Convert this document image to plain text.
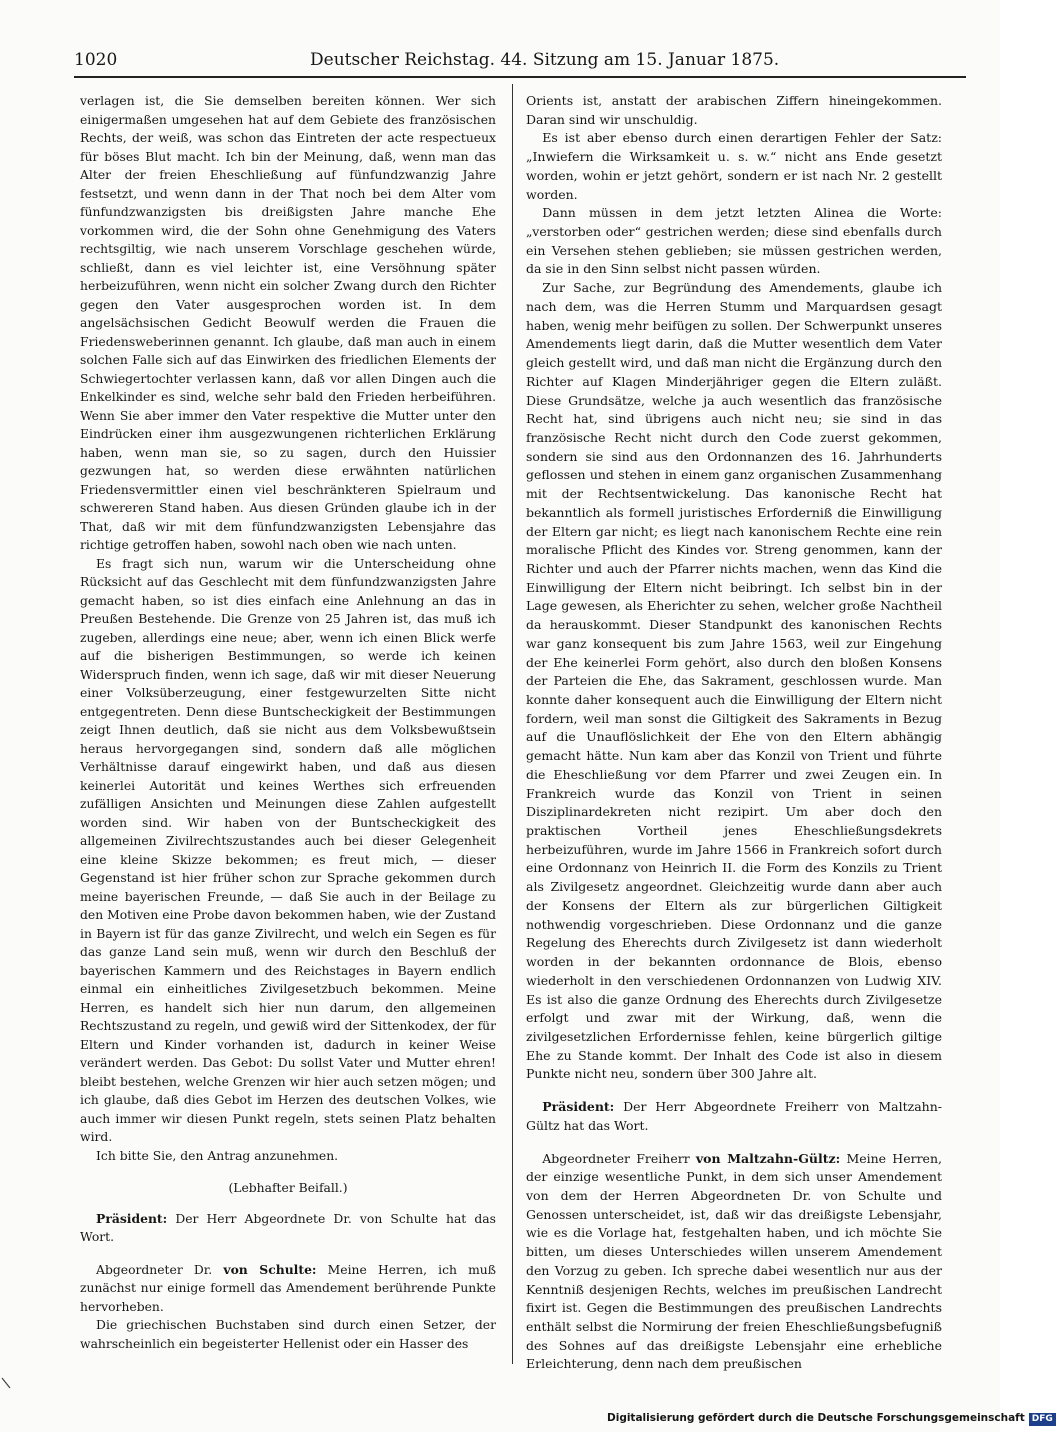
1020	Deutscher Reichstag. 44. Sitzung am 15. Januar 1875.

verlagen ist, die Sie demselben bereiten können. Wer sich einigermaßen umgesehen hat auf dem Gebiete des französischen Rechts, der weiß, was schon das Eintreten der acte respectueux für böses Blut macht. Ich bin der Meinung, daß, wenn man das Alter der freien Eheschließung auf fünfundzwanzig Jahre festsetzt, und wenn dann in der That noch bei dem Alter vom fünfundzwanzigsten bis dreißigsten Jahre manche Ehe vorkommen wird, die der Sohn ohne Genehmigung des Vaters rechtsgiltig, wie nach unserem Vorschlage geschehen würde, schließt, dann es viel leichter ist, eine Versöhnung später herbeizuführen, wenn nicht ein solcher Zwang durch den Richter gegen den Vater ausgesprochen worden ist. In dem angelsächsischen Gedicht Beowulf werden die Frauen die Friedensweberinnen genannt. Ich glaube, daß man auch in einem solchen Falle sich auf das Einwirken des friedlichen Elements der Schwiegertochter verlassen kann, daß vor allen Dingen auch die Enkelkinder es sind, welche sehr bald den Frieden herbeiführen. Wenn Sie aber immer den Vater respektive die Mutter unter den Eindrücken einer ihm ausgezwungenen richterlichen Erklärung haben, wenn man sie, so zu sagen, durch den Huissier gezwungen hat, so werden diese erwähnten natürlichen Friedensvermittler einen viel beschränkteren Spielraum und schwereren Stand haben. Aus diesen Gründen glaube ich in der That, daß wir mit dem fünfundzwanzigsten Lebensjahre das richtige getroffen haben, sowohl nach oben wie nach unten.

Es fragt sich nun, warum wir die Unterscheidung ohne Rücksicht auf das Geschlecht mit dem fünfundzwanzigsten Jahre gemacht haben, so ist dies einfach eine Anlehnung an das in Preußen Bestehende. Die Grenze von 25 Jahren ist, das muß ich zugeben, allerdings eine neue; aber, wenn ich einen Blick werfe auf die bisherigen Bestimmungen, so werde ich keinen Widerspruch finden, wenn ich sage, daß wir mit dieser Neuerung einer Volksüberzeugung, einer festgewurzelten Sitte nicht entgegentreten. Denn diese Buntscheckigkeit der Bestimmungen zeigt Ihnen deutlich, daß sie nicht aus dem Volksbewußtsein heraus hervorgegangen sind, sondern daß alle möglichen Verhältnisse darauf eingewirkt haben, und daß aus diesen keinerlei Autorität und keines Werthes sich erfreuenden zufälligen Ansichten und Meinungen diese Zahlen aufgestellt worden sind. Wir haben von der Buntscheckigkeit des allgemeinen Zivilrechtszustandes auch bei dieser Gelegenheit eine kleine Skizze bekommen; es freut mich, — dieser Gegenstand ist hier früher schon zur Sprache gekommen durch meine bayerischen Freunde, — daß Sie auch in der Beilage zu den Motiven eine Probe davon bekommen haben, wie der Zustand in Bayern ist für das ganze Zivilrecht, und welch ein Segen es für das ganze Land sein muß, wenn wir durch den Beschluß der bayerischen Kammern und des Reichstages in Bayern endlich einmal ein einheitliches Zivilgesetzbuch bekommen. Meine Herren, es handelt sich hier nun darum, den allgemeinen Rechtszustand zu regeln, und gewiß wird der Sittenkodex, der für Eltern und Kinder vorhanden ist, dadurch in keiner Weise verändert werden. Das Gebot: Du sollst Vater und Mutter ehren! bleibt bestehen, welche Grenzen wir hier auch setzen mögen; und ich glaube, daß dies Gebot im Herzen des deutschen Volkes, wie auch immer wir diesen Punkt regeln, stets seinen Platz behalten wird.

Ich bitte Sie, den Antrag anzunehmen.

(Lebhafter Beifall.)

Präsident: Der Herr Abgeordnete Dr. von Schulte hat das Wort.

Abgeordneter Dr. von Schulte: Meine Herren, ich muß zunächst nur einige formell das Amendement berührende Punkte hervorheben.

Die griechischen Buchstaben sind durch einen Setzer, der wahrscheinlich ein begeisterter Hellenist oder ein Hasser des

Orients ist, anstatt der arabischen Ziffern hineingekommen. Daran sind wir unschuldig.

Es ist aber ebenso durch einen derartigen Fehler der Satz: „Inwiefern die Wirksamkeit u. s. w.“ nicht ans Ende gesetzt worden, wohin er jetzt gehört, sondern er ist nach Nr. 2 gestellt worden.

Dann müssen in dem jetzt letzten Alinea die Worte: „verstorben oder“ gestrichen werden; diese sind ebenfalls durch ein Versehen stehen geblieben; sie müssen gestrichen werden, da sie in den Sinn selbst nicht passen würden.

Zur Sache, zur Begründung des Amendements, glaube ich nach dem, was die Herren Stumm und Marquardsen gesagt haben, wenig mehr beifügen zu sollen. Der Schwerpunkt unseres Amendements liegt darin, daß die Mutter wesentlich dem Vater gleich gestellt wird, und daß man nicht die Ergänzung durch den Richter auf Klagen Minderjähriger gegen die Eltern zuläßt. Diese Grundsätze, welche ja auch wesentlich das französische Recht hat, sind übrigens auch nicht neu; sie sind in das französische Recht nicht durch den Code zuerst gekommen, sondern sie sind aus den Ordonnanzen des 16. Jahrhunderts geflossen und stehen in einem ganz organischen Zusammenhang mit der Rechtsentwickelung. Das kanonische Recht hat bekanntlich als formell juristisches Erforderniß die Einwilligung der Eltern gar nicht; es liegt nach kanonischem Rechte eine rein moralische Pflicht des Kindes vor. Streng genommen, kann der Richter und auch der Pfarrer nichts machen, wenn das Kind die Einwilligung der Eltern nicht beibringt. Ich selbst bin in der Lage gewesen, als Eherichter zu sehen, welcher große Nachtheil da herauskommt. Dieser Standpunkt des kanonischen Rechts war ganz konsequent bis zum Jahre 1563, weil zur Eingehung der Ehe keinerlei Form gehört, also durch den bloßen Konsens der Parteien die Ehe, das Sakrament, geschlossen wurde. Man konnte daher konsequent auch die Einwilligung der Eltern nicht fordern, weil man sonst die Giltigkeit des Sakraments in Bezug auf die Unauflöslichkeit der Ehe von den Eltern abhängig gemacht hätte. Nun kam aber das Konzil von Trient und führte die Eheschließung vor dem Pfarrer und zwei Zeugen ein. In Frankreich wurde das Konzil von Trient in seinen Disziplinardekreten nicht rezipirt. Um aber doch den praktischen Vortheil jenes Eheschließungsdekrets herbeizuführen, wurde im Jahre 1566 in Frankreich sofort durch eine Ordonnanz von Heinrich II. die Form des Konzils zu Trient als Zivilgesetz angeordnet. Gleichzeitig wurde dann aber auch der Konsens der Eltern als zur bürgerlichen Giltigkeit nothwendig vorgeschrieben. Diese Ordonnanz und die ganze Regelung des Eherechts durch Zivilgesetz ist dann wiederholt worden in der bekannten ordonnance de Blois, ebenso wiederholt in den verschiedenen Ordonnanzen von Ludwig XIV. Es ist also die ganze Ordnung des Eherechts durch Zivilgesetze erfolgt und zwar mit der Wirkung, daß, wenn die zivilgesetzlichen Erfordernisse fehlen, keine bürgerlich giltige Ehe zu Stande kommt. Der Inhalt des Code ist also in diesem Punkte nicht neu, sondern über 300 Jahre alt.

Präsident: Der Herr Abgeordnete Freiherr von Maltzahn-Gültz hat das Wort.

Abgeordneter Freiherr von Maltzahn-Gültz: Meine Herren, der einzige wesentliche Punkt, in dem sich unser Amendement von dem der Herren Abgeordneten Dr. von Schulte und Genossen unterscheidet, ist, daß wir das dreißigste Lebensjahr, wie es die Vorlage hat, festgehalten haben, und ich möchte Sie bitten, um dieses Unterschiedes willen unserem Amendement den Vorzug zu geben. Ich spreche dabei wesentlich nur aus der Kenntniß desjenigen Rechts, welches im preußischen Landrecht fixirt ist. Gegen die Bestimmungen des preußischen Landrechts enthält selbst die Normirung der freien Eheschließungsbefugniß des Sohnes auf das dreißigste Lebensjahr eine erhebliche Erleichterung, denn nach dem preußischen

Digitalisierung gefördert durch die Deutsche Forschungsgemeinschaft DFG
